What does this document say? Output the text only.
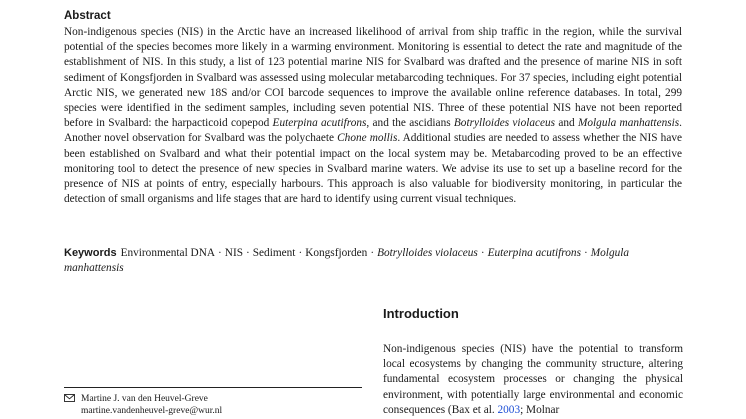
Abstract
Non-indigenous species (NIS) in the Arctic have an increased likelihood of arrival from ship traffic in the region, while the survival potential of the species becomes more likely in a warming environment. Monitoring is essential to detect the rate and magnitude of the establishment of NIS. In this study, a list of 123 potential marine NIS for Svalbard was drafted and the presence of marine NIS in soft sediment of Kongsfjorden in Svalbard was assessed using molecular metabarcoding techniques. For 37 species, including eight potential Arctic NIS, we generated new 18S and/or COI barcode sequences to improve the available online reference databases. In total, 299 species were identified in the sediment samples, including seven potential NIS. Three of these potential NIS have not been reported before in Svalbard: the harpacticoid copepod Euterpina acutifrons, and the ascidians Botrylloides violaceus and Molgula manhattensis. Another novel observation for Svalbard was the polychaete Chone mollis. Additional studies are needed to assess whether the NIS have been established on Svalbard and what their potential impact on the local system may be. Metabarcoding proved to be an effective monitoring tool to detect the presence of new species in Svalbard marine waters. We advise its use to set up a baseline record for the presence of NIS at points of entry, especially harbours. This approach is also valuable for biodiversity monitoring, in particular the detection of small organisms and life stages that are hard to identify using current visual techniques.
Keywords Environmental DNA · NIS · Sediment · Kongsfjorden · Botrylloides violaceus · Euterpina acutifrons · Molgula manhattensis
Introduction
Non-indigenous species (NIS) have the potential to transform local ecosystems by changing the community structure, altering fundamental ecosystem processes or changing the physical environment, with potentially large environmental and economic consequences (Bax et al. 2003; Molnar
Martine J. van den Heuvel-Greve
martine.vandenheuvel-greve@wur.nl
